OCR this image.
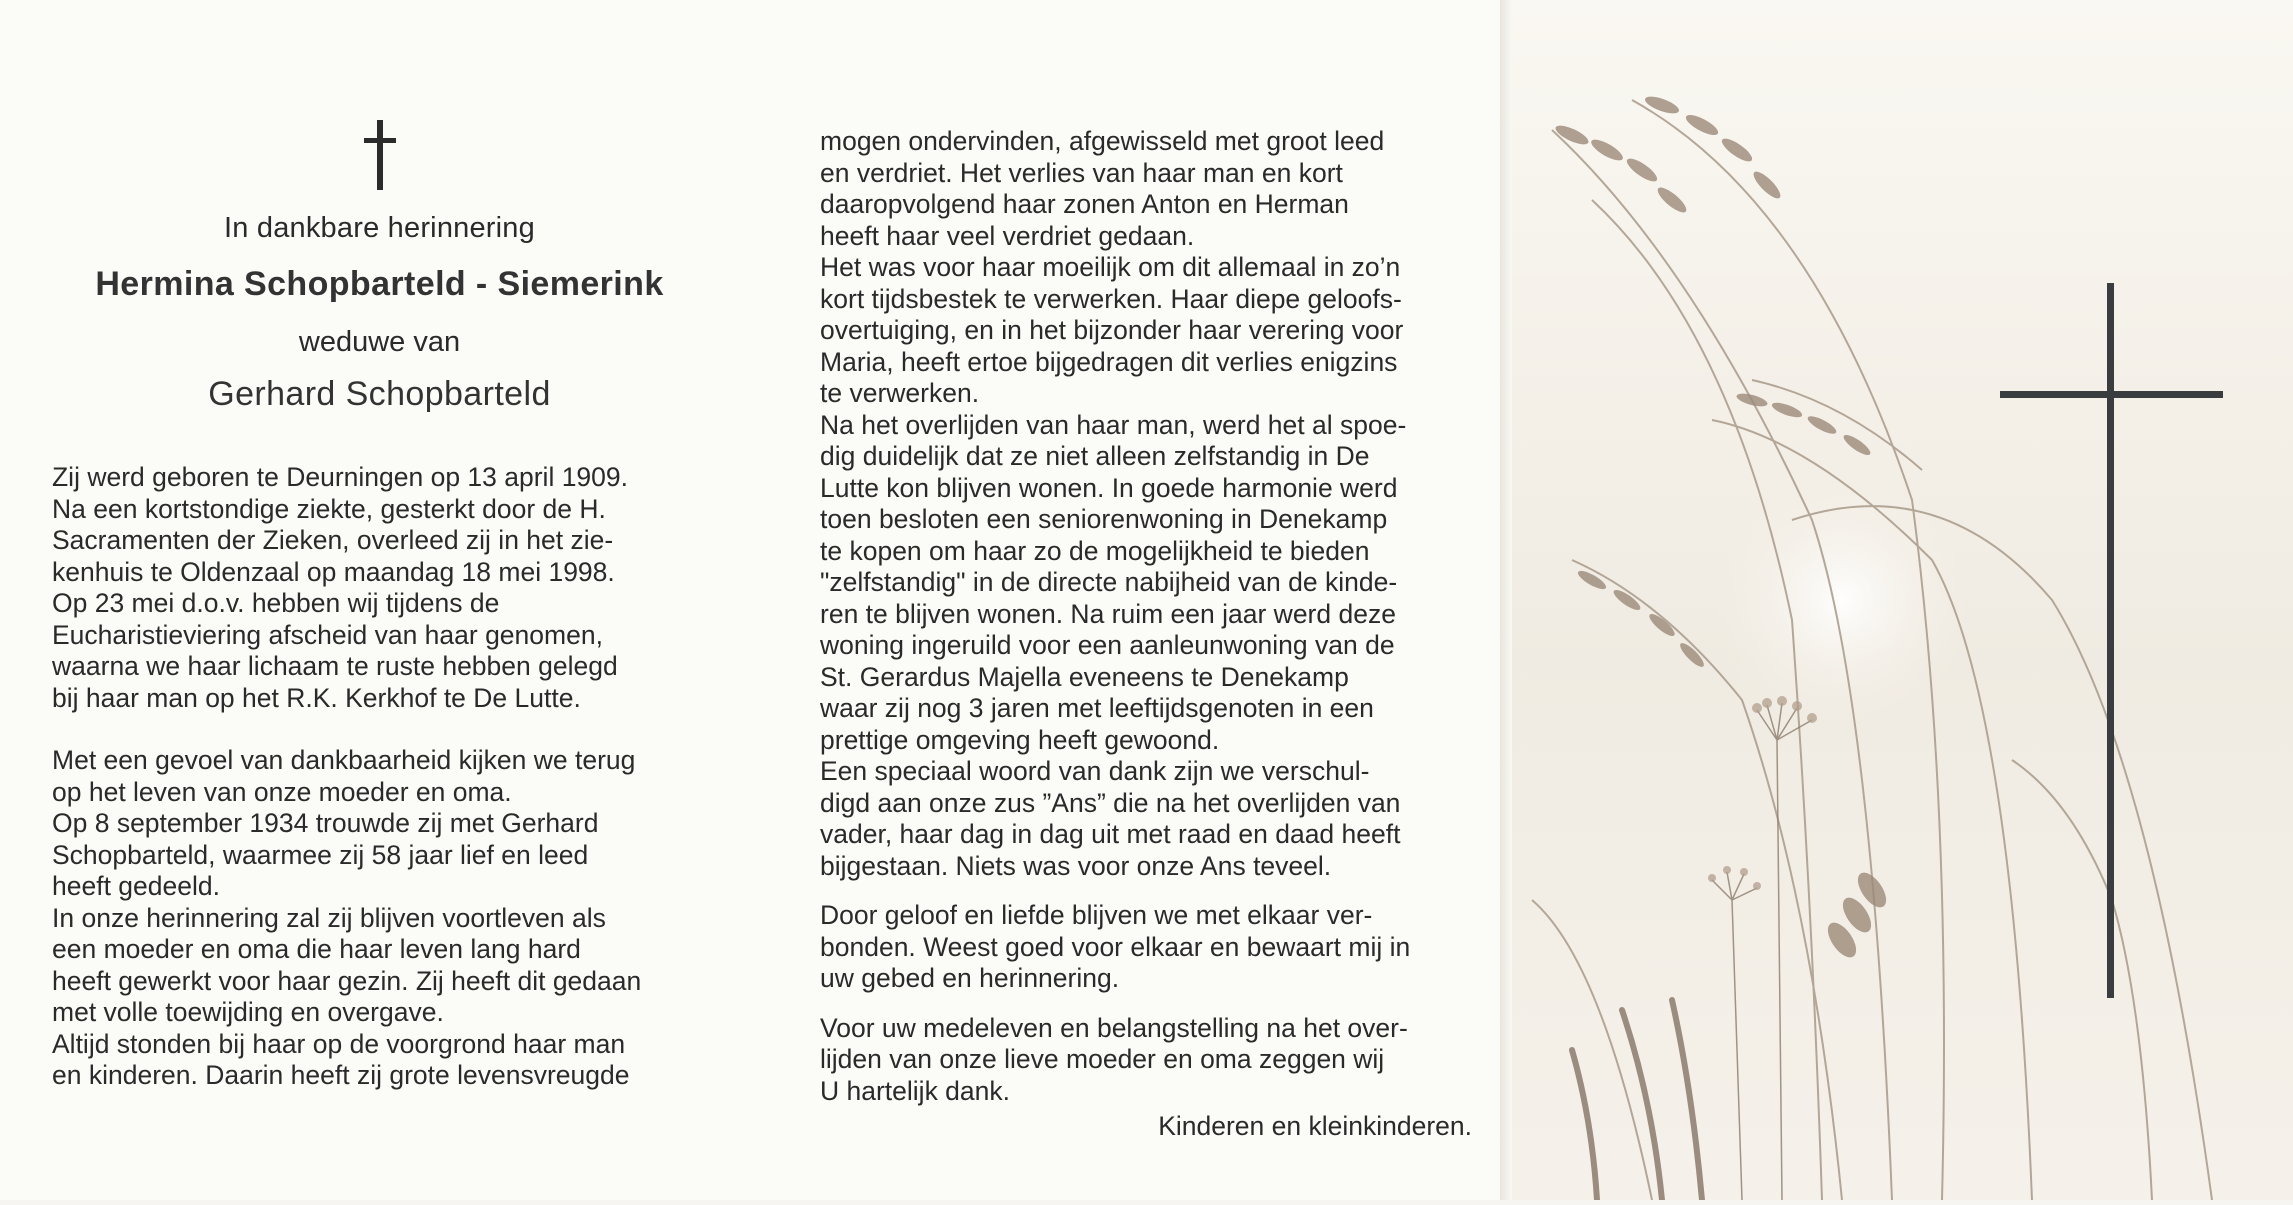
In dankbare herinnering
Hermina Schopbarteld - Siemerink
weduwe van
Gerhard Schopbarteld

Zij werd geboren te Deurningen op 13 april 1909.
Na een kortstondige ziekte, gesterkt door de H.
Sacramenten der Zieken, overleed zij in het zie-
kenhuis te Oldenzaal op maandag 18 mei 1998.
Op 23 mei d.o.v. hebben wij tijdens de
Eucharistieviering afscheid van haar genomen,
waarna we haar lichaam te ruste hebben gelegd
bij haar man op het R.K. Kerkhof te De Lutte.

Met een gevoel van dankbaarheid kijken we terug
op het leven van onze moeder en oma.
Op 8 september 1934 trouwde zij met Gerhard
Schopbarteld, waarmee zij 58 jaar lief en leed
heeft gedeeld.
In onze herinnering zal zij blijven voortleven als
een moeder en oma die haar leven lang hard
heeft gewerkt voor haar gezin. Zij heeft dit gedaan
met volle toewijding en overgave.
Altijd stonden bij haar op de voorgrond haar man
en kinderen. Daarin heeft zij grote levensvreugde

mogen ondervinden, afgewisseld met groot leed
en verdriet. Het verlies van haar man en kort
daaropvolgend haar zonen Anton en Herman
heeft haar veel verdriet gedaan.
Het was voor haar moeilijk om dit allemaal in zo’n
kort tijdsbestek te verwerken. Haar diepe geloofs-
overtuiging, en in het bijzonder haar verering voor
Maria, heeft ertoe bijgedragen dit verlies enigzins
te verwerken.
Na het overlijden van haar man, werd het al spoe-
dig duidelijk dat ze niet alleen zelfstandig in De
Lutte kon blijven wonen. In goede harmonie werd
toen besloten een seniorenwoning in Denekamp
te kopen om haar zo de mogelijkheid te bieden
"zelfstandig" in de directe nabijheid van de kinde-
ren te blijven wonen. Na ruim een jaar werd deze
woning ingeruild voor een aanleunwoning van de
St. Gerardus Majella eveneens te Denekamp
waar zij nog 3 jaren met leeftijdsgenoten in een
prettige omgeving heeft gewoond.
Een speciaal woord van dank zijn we verschul-
digd aan onze zus ”Ans” die na het overlijden van
vader, haar dag in dag uit met raad en daad heeft
bijgestaan. Niets was voor onze Ans teveel.

Door geloof en liefde blijven we met elkaar ver-
bonden. Weest goed voor elkaar en bewaart mij in
uw gebed en herinnering.

Voor uw medeleven en belangstelling na het over-
lijden van onze lieve moeder en oma zeggen wij
U hartelijk dank.

Kinderen en kleinkinderen.
